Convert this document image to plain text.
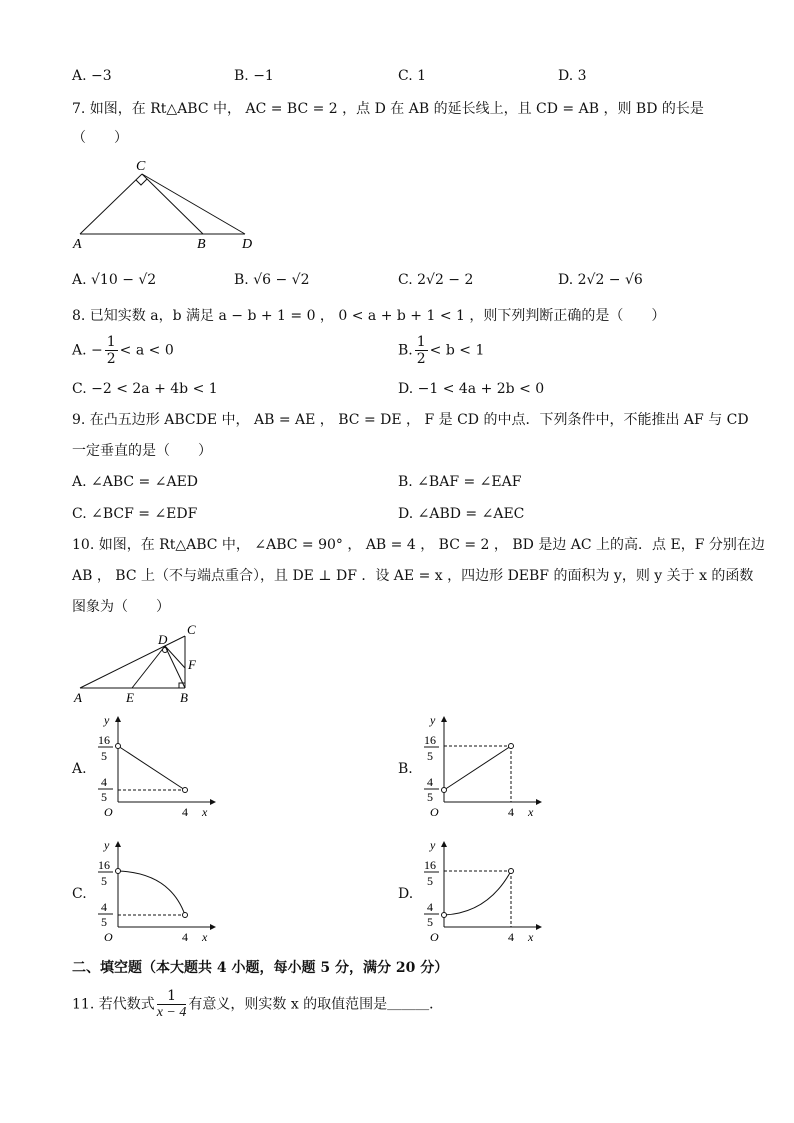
A. −3	B. −1	C. 1	D. 3
7. 如图，在 Rt△ABC 中， AC = BC = 2 ，点 D 在 AB 的延长线上，且 CD = AB ，则 BD 的长是
（　　）
A	B
C
D
A. √10 − √2	B. √6 − √2	C. 2√2 − 2	D. 2√2 − √6
8. 已知实数 a，b 满足 a − b + 1 = 0 ， 0 < a + b + 1 < 1 ，则下列判断正确的是（　　）
A. − $\frac{1}{2} < a < 0$	B. $\frac{1}{2} < b < 1$
C. −2 < 2a + 4b < 1	D. −1 < 4a + 2b < 0
9. 在凸五边形 ABCDE 中， AB = AE ， BC = DE ， F 是 CD 的中点．下列条件中，不能推出 AF 与 CD
一定垂直的是（　　）
A. ∠ABC = ∠AED	B. ∠BAF = ∠EAF
C. ∠BCF = ∠EDF	D. ∠ABD = ∠AEC
10. 如图，在 Rt△ABC 中， ∠ABC = 90° ， AB = 4 ， BC = 2 ， BD 是边 AC 上的高．点 E，F 分别在边
AB ， BC 上（不与端点重合），且 DE ⊥ DF ．设 AE = x ，四边形 DEBF 的面积为 y，则 y 关于 x 的函数
图象为（　　）
A	E	B
C
D
F
A.
y
x
O	4
16
5
4
5
B.
y
x
O	4
16
5
4
5
C.
y
x
O	4
16
5
4
5
D.
y
x
O	4
16
5
4
5
二、填空题（本大题共 4 小题，每小题 5 分，满分 20 分）
11. 若代数式 $\frac{1}{x - 4}$ 有意义，则实数 x 的取值范围是＿＿＿．
